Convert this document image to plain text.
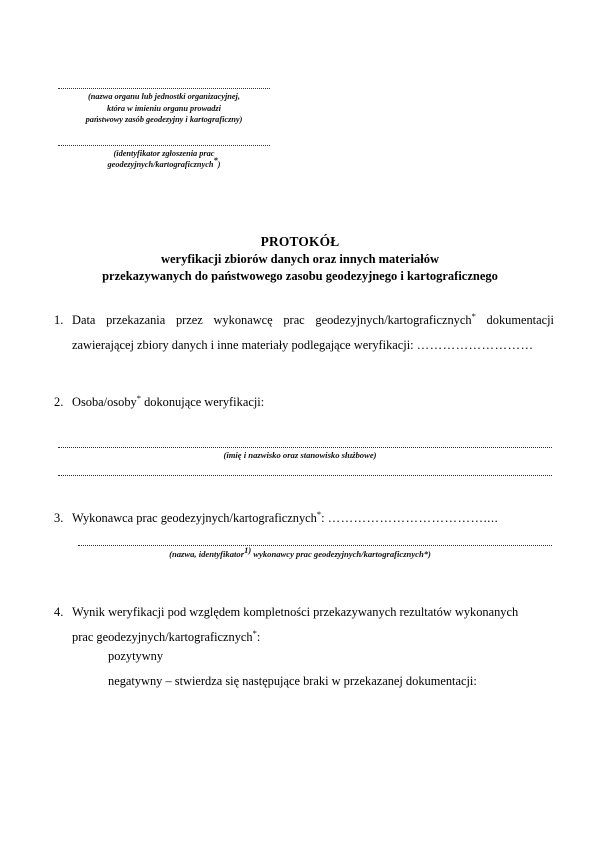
(nazwa organu lub jednostki organizacyjnej,
która w imieniu organu prowadzi
państwowy zasób geodezyjny i kartograficzny)
(identyfikator zgłoszenia prac
geodezyjnych/kartograficznych*)
PROTOKÓŁ
weryfikacji zbiorów danych oraz innych materiałów
przekazywanych do państwowego zasobu geodezyjnego i kartograficznego
1. Data przekazania przez wykonawcę prac geodezyjnych/kartograficznych* dokumentacji
zawierającej zbiory danych i inne materiały podlegające weryfikacji: ………………………
2. Osoba/osoby* dokonujące weryfikacji:
(imię i nazwisko oraz stanowisko służbowe)
3. Wykonawca prac geodezyjnych/kartograficznych*: ………………………………....
(nazwa, identyfikator$^{1)}$ wykonawcy prac geodezyjnych/kartograficznych*)
4. Wynik weryfikacji pod względem kompletności przekazywanych rezultatów wykonanych
prac geodezyjnych/kartograficznych*:
pozytywny
negatywny – stwierdza się następujące braki w przekazanej dokumentacji:
